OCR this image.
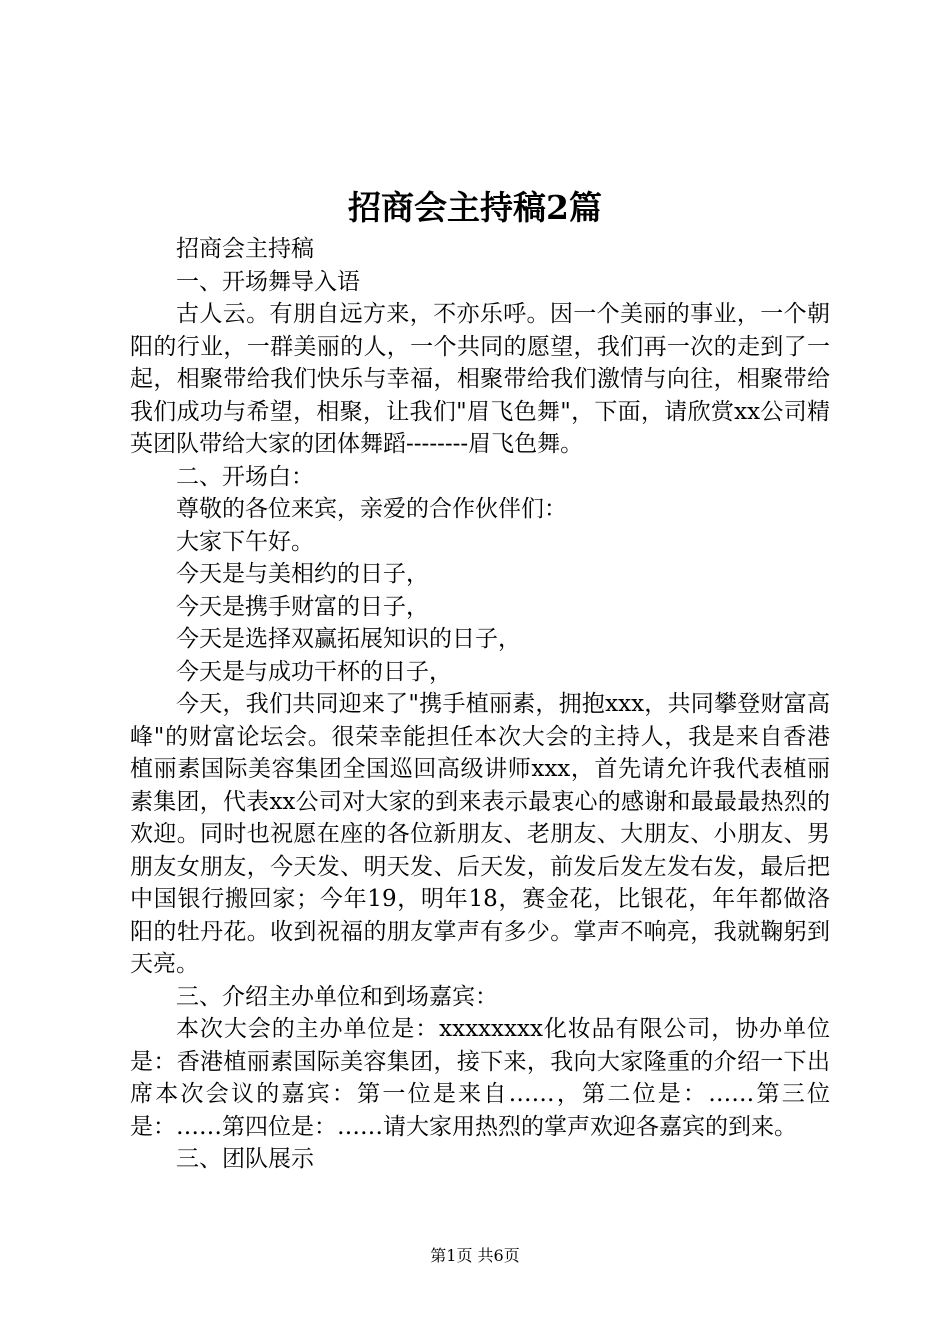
招商会主持稿2篇

招商会主持稿

一、开场舞导入语

古人云。有朋自远方来，不亦乐呼。因一个美丽的事业，一个朝阳的行业，一群美丽的人，一个共同的愿望，我们再一次的走到了一起，相聚带给我们快乐与幸福，相聚带给我们激情与向往，相聚带给我们成功与希望，相聚，让我们"眉飞色舞"，下面，请欣赏xx公司精英团队带给大家的团体舞蹈--------眉飞色舞。

二、开场白：

尊敬的各位来宾，亲爱的合作伙伴们：

大家下午好。

今天是与美相约的日子，

今天是携手财富的日子，

今天是选择双赢拓展知识的日子，

今天是与成功干杯的日子，

今天，我们共同迎来了"携手植丽素，拥抱xxx，共同攀登财富高峰"的财富论坛会。很荣幸能担任本次大会的主持人，我是来自香港植丽素国际美容集团全国巡回高级讲师xxx，首先请允许我代表植丽素集团，代表xx公司对大家的到来表示最衷心的感谢和最最最热烈的欢迎。同时也祝愿在座的各位新朋友、老朋友、大朋友、小朋友、男朋友女朋友，今天发、明天发、后天发，前发后发左发右发，最后把中国银行搬回家；今年19，明年18，赛金花，比银花，年年都做洛阳的牡丹花。收到祝福的朋友掌声有多少。掌声不响亮，我就鞠躬到天亮。

三、介绍主办单位和到场嘉宾：

本次大会的主办单位是：xxxxxxxx化妆品有限公司，协办单位是：香港植丽素国际美容集团，接下来，我向大家隆重的介绍一下出席本次会议的嘉宾：第一位是来自……，第二位是：……第三位是：……第四位是：……请大家用热烈的掌声欢迎各嘉宾的到来。

三、团队展示

第1页 共6页
